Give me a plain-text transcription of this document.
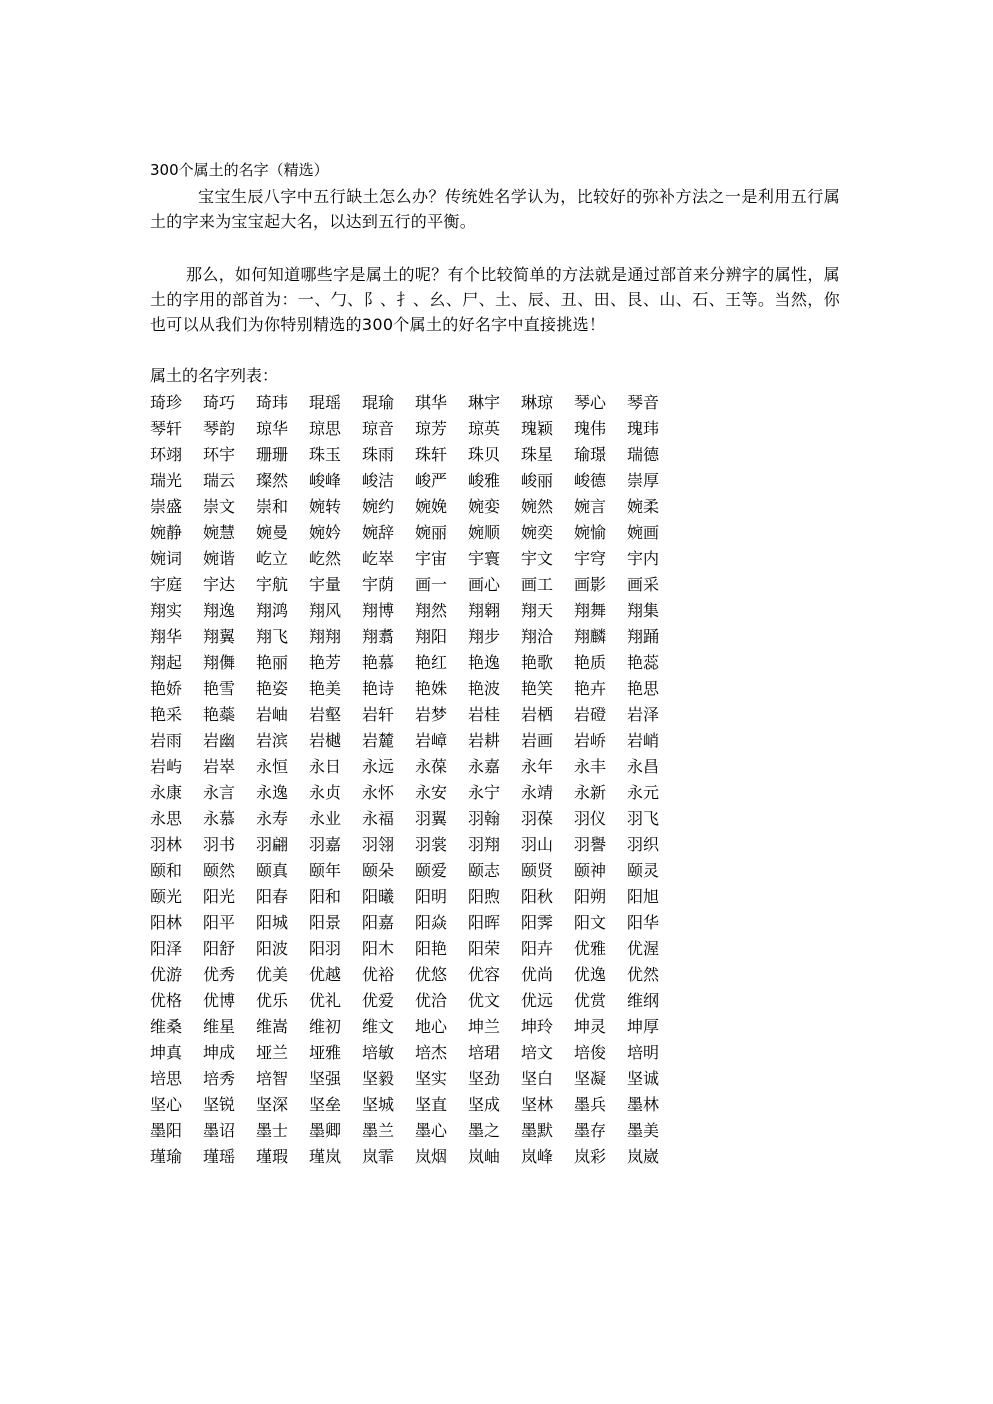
300个属土的名字（精选）
宝宝生辰八字中五行缺土怎么办？传统姓名学认为，比较好的弥补方法之一是利用五行属土的字来为宝宝起大名，以达到五行的平衡。
那么，如何知道哪些字是属土的呢？有个比较简单的方法就是通过部首来分辨字的属性，属土的字用的部首为：一、勹、阝、扌、幺、尸、土、辰、丑、田、艮、山、石、王等。当然，你也可以从我们为你特别精选的300个属土的好名字中直接挑选！
属土的名字列表：
琦珍	琦巧	琦玮	琨瑶	琨瑜	琪华	琳宇	琳琼	琴心	琴音
琴轩	琴韵	琼华	琼思	琼音	琼芳	琼英	瑰颖	瑰伟	瑰玮
环翊	环宇	珊珊	珠玉	珠雨	珠轩	珠贝	珠星	瑜璟	瑞德
瑞光	瑞云	璨然	峻峰	峻洁	峻严	峻雅	峻丽	峻德	崇厚
崇盛	崇文	崇和	婉转	婉约	婉娩	婉娈	婉然	婉言	婉柔
婉静	婉慧	婉曼	婉妗	婉辞	婉丽	婉顺	婉奕	婉愉	婉画
婉词	婉谐	屹立	屹然	屹崒	宇宙	宇寰	宇文	宇穹	宇内
宇庭	宇达	宇航	宇量	宇荫	画一	画心	画工	画影	画采
翔实	翔逸	翔鸿	翔风	翔博	翔然	翔翱	翔天	翔舞	翔集
翔华	翔翼	翔飞	翔翔	翔翥	翔阳	翔步	翔洽	翔麟	翔踊
翔起	翔儛	艳丽	艳芳	艳慕	艳红	艳逸	艳歌	艳质	艳蕊
艳娇	艳雪	艳姿	艳美	艳诗	艳姝	艳波	艳笑	艳卉	艳思
艳采	艳蘂	岩岫	岩壑	岩轩	岩梦	岩桂	岩栖	岩磴	岩泽
岩雨	岩幽	岩滨	岩樾	岩麓	岩嶂	岩耕	岩画	岩峤	岩峭
岩屿	岩崒	永恒	永日	永远	永葆	永嘉	永年	永丰	永昌
永康	永言	永逸	永贞	永怀	永安	永宁	永靖	永新	永元
永思	永慕	永寿	永业	永福	羽翼	羽翰	羽葆	羽仪	羽飞
羽林	羽书	羽翩	羽嘉	羽翎	羽裳	羽翔	羽山	羽譽	羽织
颐和	颐然	颐真	颐年	颐朵	颐爱	颐志	颐贤	颐神	颐灵
颐光	阳光	阳春	阳和	阳曦	阳明	阳煦	阳秋	阳朔	阳旭
阳林	阳平	阳城	阳景	阳嘉	阳焱	阳晖	阳霁	阳文	阳华
阳泽	阳舒	阳波	阳羽	阳木	阳艳	阳荣	阳卉	优雅	优渥
优游	优秀	优美	优越	优裕	优悠	优容	优尚	优逸	优然
优格	优博	优乐	优礼	优爱	优洽	优文	优远	优赏	维纲
维桑	维星	维嵩	维初	维文	地心	坤兰	坤玲	坤灵	坤厚
坤真	坤成	垭兰	垭雅	培敏	培杰	培珺	培文	培俊	培明
培思	培秀	培智	坚强	坚毅	坚实	坚劲	坚白	坚凝	坚诚
坚心	坚锐	坚深	坚垒	坚城	坚直	坚成	坚林	墨兵	墨林
墨阳	墨诏	墨士	墨卿	墨兰	墨心	墨之	墨默	墨存	墨美
瑾瑜	瑾瑶	瑾瑕	瑾岚	岚霏	岚烟	岚岫	岚峰	岚彩	岚崴
